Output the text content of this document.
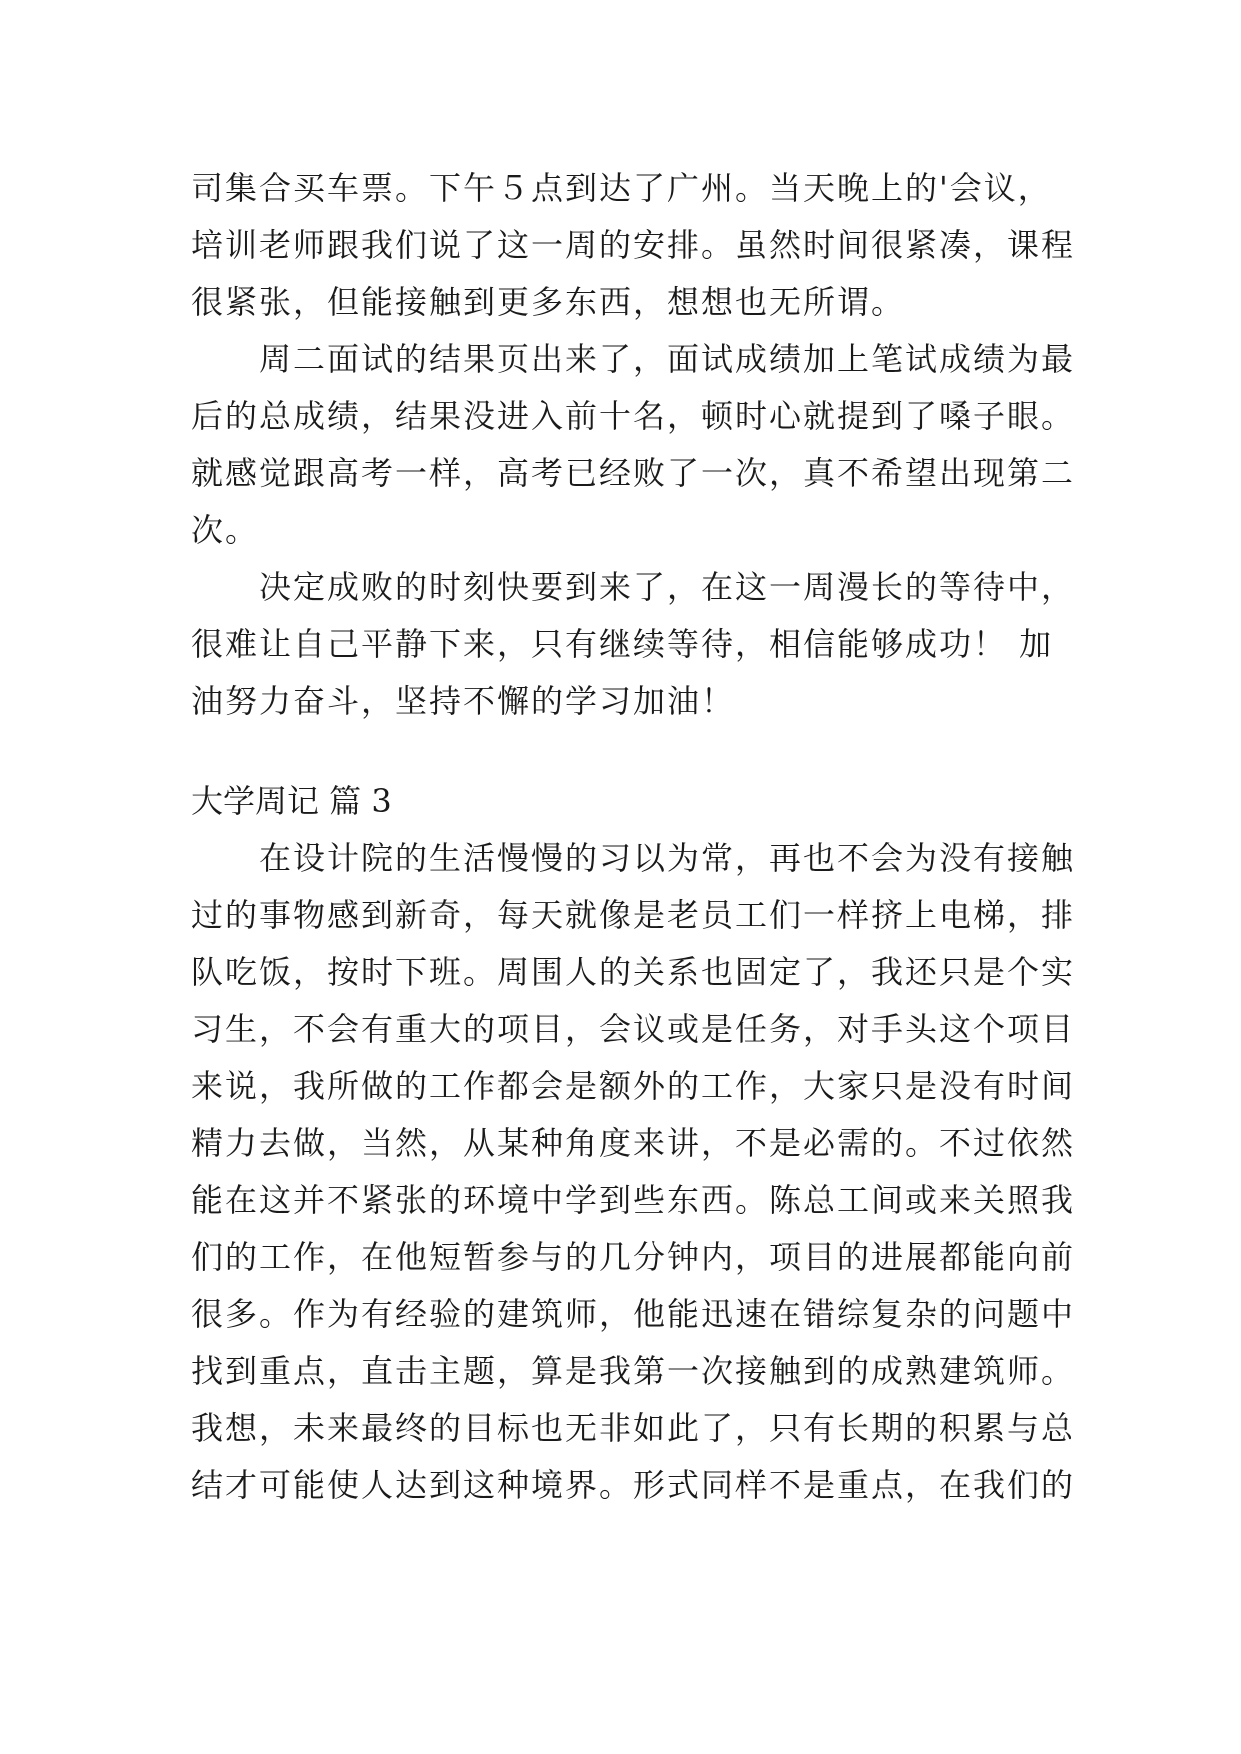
司集合买车票。下午５点到达了广州。当天晚上的'会议，
培训老师跟我们说了这一周的安排。虽然时间很紧凑，课程
很紧张，但能接触到更多东西，想想也无所谓。
周二面试的结果页出来了，面试成绩加上笔试成绩为最
后的总成绩，结果没进入前十名，顿时心就提到了嗓子眼。
就感觉跟高考一样，高考已经败了一次，真不希望出现第二
次。
决定成败的时刻快要到来了，在这一周漫长的等待中，
很难让自己平静下来，只有继续等待，相信能够成功！ 加
油努力奋斗，坚持不懈的学习加油！
大学周记 篇 3
在设计院的生活慢慢的习以为常，再也不会为没有接触
过的事物感到新奇，每天就像是老员工们一样挤上电梯，排
队吃饭，按时下班。周围人的关系也固定了，我还只是个实
习生，不会有重大的项目，会议或是任务，对手头这个项目
来说，我所做的工作都会是额外的工作，大家只是没有时间
精力去做，当然，从某种角度来讲，不是必需的。不过依然
能在这并不紧张的环境中学到些东西。陈总工间或来关照我
们的工作，在他短暂参与的几分钟内，项目的进展都能向前
很多。作为有经验的建筑师，他能迅速在错综复杂的问题中
找到重点，直击主题，算是我第一次接触到的成熟建筑师。
我想，未来最终的目标也无非如此了，只有长期的积累与总
结才可能使人达到这种境界。形式同样不是重点，在我们的
